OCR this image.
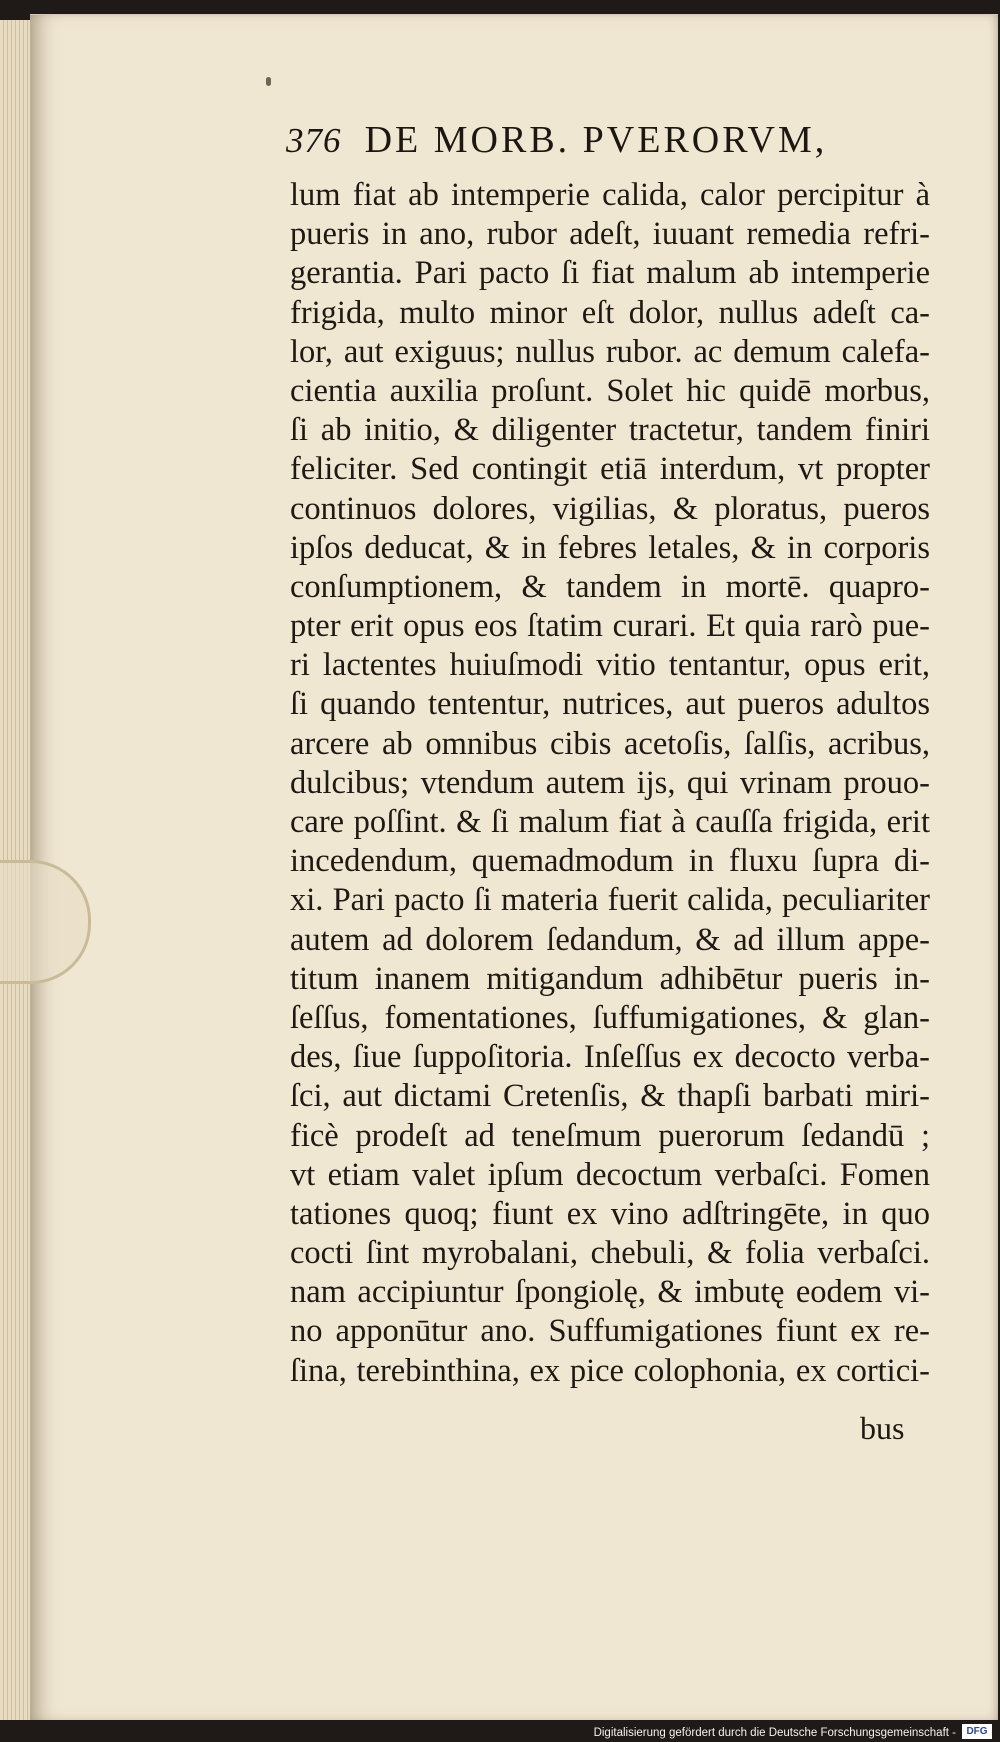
376 DE MORB. PVERORVM,
lum fiat ab intemperie calida, calor percipitur à
pueris in ano, rubor adeſt, iuuant remedia refri-
gerantia. Pari pacto ſi fiat malum ab intemperie
frigida, multo minor eſt dolor, nullus adeſt ca-
lor, aut exiguus; nullus rubor. ac demum calefa-
cientia auxilia proſunt. Solet hic quidē morbus,
ſi ab initio, & diligenter tractetur, tandem finiri
feliciter. Sed contingit etiā interdum, vt propter
continuos dolores, vigilias, & ploratus, pueros
ipſos deducat, & in febres letales, & in corporis
conſumptionem, & tandem in mortē. quapro-
pter erit opus eos ſtatim curari. Et quia rarò pue-
ri lactentes huiuſmodi vitio tentantur, opus erit,
ſi quando tententur, nutrices, aut pueros adultos
arcere ab omnibus cibis acetoſis, ſalſis, acribus,
dulcibus; vtendum autem ijs, qui vrinam prouo-
care poſſint. & ſi malum fiat à cauſſa frigida, erit
incedendum, quemadmodum in fluxu ſupra di-
xi. Pari pacto ſi materia fuerit calida, peculiariter
autem ad dolorem ſedandum, & ad illum appe-
titum inanem mitigandum adhibētur pueris in-
ſeſſus, fomentationes, ſuffumigationes, & glan-
des, ſiue ſuppoſitoria. Inſeſſus ex decocto verba-
ſci, aut dictami Cretenſis, & thapſi barbati miri-
ficè prodeſt ad teneſmum puerorum ſedandū ;
vt etiam valet ipſum decoctum verbaſci. Fomen
tationes quoq; fiunt ex vino adſtringēte, in quo
cocti ſint myrobalani, chebuli, & folia verbaſci.
nam accipiuntur ſpongiolę, & imbutę eodem vi-
no apponūtur ano. Suffumigationes fiunt ex re-
ſina, terebinthina, ex pice colophonia, ex cortici-
bus
Digitalisierung gefördert durch die Deutsche Forschungsgemeinschaft -	DFG
